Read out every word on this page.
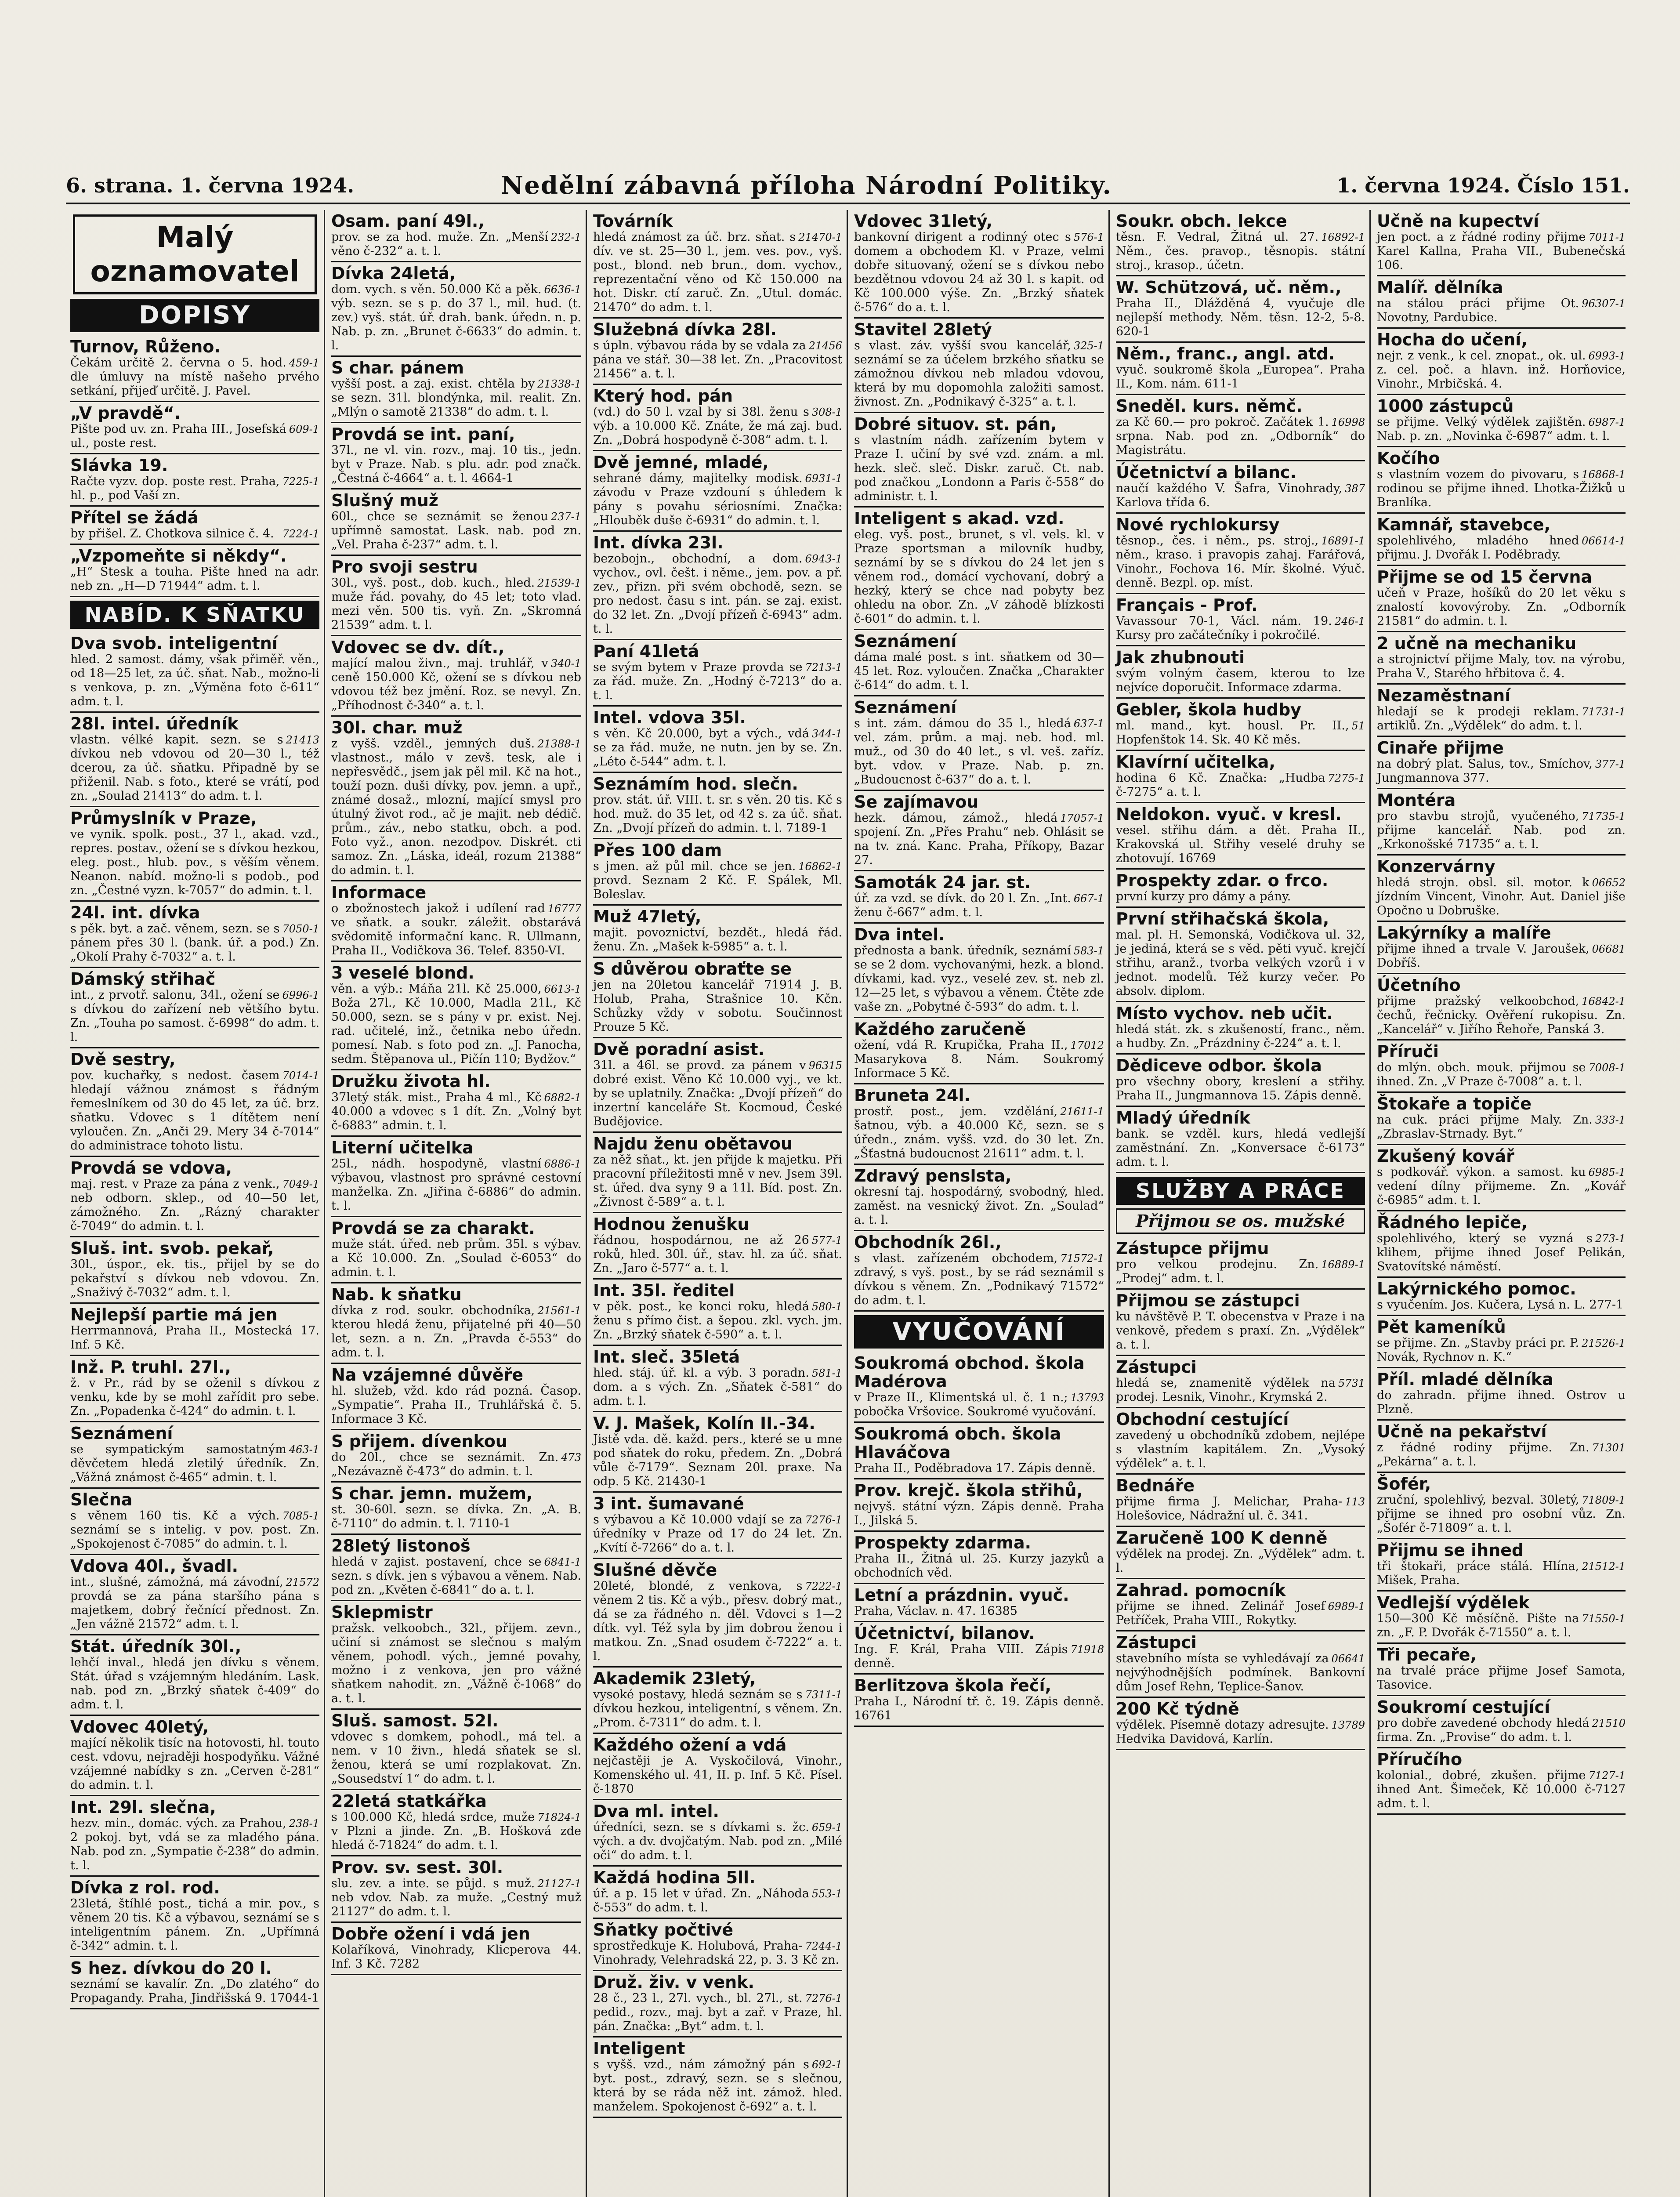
6. strana. 1. června 1924.	Nedělní zábavná příloha Národní Politiky.	1. června 1924. Číslo 151.
Malý oznamovatel
DOPISY
Turnov, Růženo.
459-1
Čekám určitě 2. června o 5. hod. dle úmluvy na místě našeho prvého setkání, přijeď určitě. J. Pavel.
„V pravdě“.
609-1
Pište pod uv. zn. Praha III., Josefská ul., poste rest.
Slávka 19.
7225-1
Račte vyzv. dop. poste rest. Praha, hl. p., pod Vaší zn.
Přítel se žádá
7224-1
by přišel. Z. Chotkova silnice č. 4.
„Vzpomeňte si někdy“.
„H“ Stesk a touha. Pište hned na adr. neb zn. „H—D 71944“ adm. t. l.
NABÍD. K SŇATKU
Dva svob. inteligentní
hled. 2 samost. dámy, však přiměř. věn., od 18—25 let, za úč. sňat. Nab., možno-li s venkova, p. zn. „Výměna foto č-611“ adm. t. l.
28l. intel. úředník
21413
vlastn. vélké kapit. sezn. se s dívkou neb vdovou od 20—30 l., též dcerou, za úč. sňatku. Připadně by se přiženil. Nab. s foto., které se vrátí, pod zn. „Soulad 21413“ do adm. t. l.
Průmyslník v Praze,
ve vynik. spolk. post., 37 l., akad. vzd., repres. postav., ožení se s dívkou hezkou, eleg. post., hlub. pov., s věším věnem. Neanon. nabíd. možno-li s podob., pod zn. „Čestné vyzn. k-7057“ do admin. t. l.
24l. int. dívka
7050-1
s pěk. byt. a zač. věnem, sezn. se s pánem přes 30 l. (bank. úř. a pod.) Zn. „Okolí Prahy č-7032“ a. t. l.
Dámský střihač
6996-1
int., z prvotř. salonu, 34l., ožení se s dívkou do zařízení neb většího bytu. Zn. „Touha po samost. č-6998“ do adm. t. l.
Dvě sestry,
7014-1
pov. kuchařky, s nedost. časem hledají vážnou známost s řádným řemeslníkem od 30 do 45 let, za úč. brz. sňatku. Vdovec s 1 dítětem není vyloučen. Zn. „Anči 29. Mery 34 č-7014“ do administrace tohoto listu.
Provdá se vdova,
7049-1
maj. rest. v Praze za pána z venk., neb odborn. sklep., od 40—50 let, zámožného. Zn. „Rázný charakter č-7049“ do admin. t. l.
Sluš. int. svob. pekař,
30l., úspor., ek. tis., přijel by se do pekařství s dívkou neb vdovou. Zn. „Snaživý č-7032“ adm. t. l.
Nejlepší partie má jen
Herrmannová, Praha II., Mostecká 17. Inf. 5 Kč.
Inž. P. truhl. 27l.,
ž. v Pr., rád by se oženil s dívkou z venku, kde by se mohl zařídit pro sebe. Zn. „Popadenka č-424“ do admin. t. l.
Seznámení
463-1
se sympatickým samostatným děvčetem hledá zletilý úředník. Zn. „Vážná známost č-465“ admin. t. l.
Slečna
7085-1
s věnem 160 tis. Kč a vých. seznámí se s intelig. v pov. post. Zn. „Spokojenost č-7085“ do admin. t. l.
Vdova 40l., švadl.
21572
int., slušné, zámožná, má závodní, provdá se za pána staršího pána s majetkem, dobrý řečnící přednost. Zn. „Jen vážně 21572“ adm. t. l.
Stát. úředník 30l.,
lehčí inval., hledá jen dívku s věnem. Stát. úřad s vzájemným hledáním. Lask. nab. pod zn. „Brzký sňatek č-409“ do adm. t. l.
Vdovec 40letý,
mající několik tisíc na hotovosti, hl. touto cest. vdovu, nejraději hospodyňku. Vážné vzájemné nabídky s zn. „Cerven č-281“ do admin. t. l.
Int. 29l. slečna,
238-1
hezv. min., domác. vých. za Prahou, 2 pokoj. byt, vdá se za mladého pána. Nab. pod zn. „Sympatie č-238“ do admin. t. l.
Dívka z rol. rod.
23letá, štíhlé post., tichá a mir. pov., s věnem 20 tis. Kč a výbavou, seznámí se s inteligentním pánem. Zn. „Upřímná č-342“ admin. t. l.
S hez. dívkou do 20 l.
seznámí se kavalír. Zn. „Do zlatého“ do Propagandy. Praha, Jindřišská 9. 17044-1
Osam. paní 49l.,
232-1
prov. se za hod. muže. Zn. „Menší věno č-232“ a. t. l.
Dívka 24letá,
6636-1
dom. vych. s věn. 50.000 Kč a pěk. výb. sezn. se s p. do 37 l., mil. hud. (t. zev.) vyš. stát. úř. drah. bank. úředn. n. p. Nab. p. zn. „Brunet č-6633“ do admin. t. l.
S char. pánem
21338-1
vyšší post. a zaj. exist. chtěla by se sezn. 31l. blondýnka, mil. realit. Zn. „Mlýn o samotě 21338“ do adm. t. l.
Provdá se int. paní,
37l., ne vl. vin. rozv., maj. 10 tis., jedn. byt v Praze. Nab. s plu. adr. pod značk. „Čestná č-4664“ a. t. l. 4664-1
Slušný muž
237-1
60l., chce se seznámit se ženou upřímně samostat. Lask. nab. pod zn. „Vel. Praha č-237“ adm. t. l.
Pro svoji sestru
21539-1
30l., vyš. post., dob. kuch., hled. muže řád. povahy, do 45 let; toto vlad. mezi věn. 500 tis. vyň. Zn. „Skromná 21539“ adm. t. l.
Vdovec se dv. dít.,
340-1
mající malou živn., maj. truhlář, v ceně 150.000 Kč, ožení se s dívkou neb vdovou též bez jmění. Roz. se nevyl. Zn. „Příhodnost č-340“ a. t. l.
30l. char. muž
21388-1
z vyšš. vzděl., jemných duš. vlastnost., málo v zevš. tesk, ale i nepřesvědč., jsem jak pěl mil. Kč na hot., touží pozn. duši dívky, pov. jemn. a upř., známé dosaž., mlozní, mající smysl pro útulný život rod., ač je majit. neb dédič. prům., záv., nebo statku, obch. a pod. Foto vyž., anon. nezodpov. Diskrét. cti samoz. Zn. „Láska, ideál, rozum 21388“ do admin. t. l.
Informace
16777
o zbožnostech jakož i udílení rad ve sňatk. a soukr. záležit. obstarává svědomitě informační kanc. R. Ullmann, Praha II., Vodičkova 36. Telef. 8350-VI.
3 veselé blond.
6613-1
věn. a výb.: Máňa 21l. Kč 25.000, Boža 27l., Kč 10.000, Madla 21l., Kč 50.000, sezn. se s pány v pr. exist. Nej. rad. učitelé, inž., četnika nebo úředn. pomesí. Nab. s foto pod zn. „J. Panocha, sedm. Štěpanova ul., Pičín 110; Bydžov.“
Družku života hl.
6882-1
37letý sták. mist., Praha 4 ml., Kč 40.000 a vdovec s 1 dít. Zn. „Volný byt č-6883“ admin. t. l.
Literní učitelka
6886-1
25l., nádh. hospodyně, vlastní výbavou, vlastnost pro správné cestovní manželka. Zn. „Jiřina č-6886“ do admin. t. l.
Provdá se za charakt.
muže stát. úřed. neb prům. 35l. s výbav. a Kč 10.000. Zn. „Soulad č-6053“ do admin. t. l.
Nab. k sňatku
21561-1
dívka z rod. soukr. obchodníka, kterou hledá ženu, přijatelné při 40—50 let, sezn. a n. Zn. „Pravda č-553“ do adm. t. l.
Na vzájemné důvěře
hl. služeb, vžd. kdo rád pozná. Časop. „Sympatie“. Praha II., Truhlářská č. 5. Informace 3 Kč.
S přijem. dívenkou
473
do 20l., chce se seznámit. Zn. „Nezávazně č-473“ do admin. t. l.
S char. jemn. mužem,
st. 30-60l. sezn. se dívka. Zn. „A. B. č-7110“ do admin. t. l. 7110-1
28letý listonoš
6841-1
hledá v zajist. postavení, chce se sezn. s dívk. jen s výbavou a věnem. Nab. pod zn. „Květen č-6841“ do a. t. l.
Sklepmistr
pražsk. velkoobch., 32l., přijem. zevn., učiní si známost se slečnou s malým věnem, pohodl. vých., jemné povahy, možno i z venkova, jen pro vážné sňatkem nahodit. zn. „Vážně č-1068“ do a. t. l.
Sluš. samost. 52l.
vdovec s domkem, pohodl., má tel. a nem. v 10 živn., hledá sňatek se sl. ženou, která se umí rozplakovat. Zn. „Sousedství 1“ do adm. t. l.
22letá statkářka
71824-1
s 100.000 Kč, hledá srdce, muže v Plzni a jinde. Zn. „B. Hošková zde hledá č-71824“ do adm. t. l.
Prov. sv. sest. 30l.
21127-1
slu. zev. a inte. se půjd. s muž. neb vdov. Nab. za muže. „Cestný muž 21127“ do adm. t. l.
Dobře ožení i vdá jen
Kolaříková, Vinohrady, Klicperova 44. Inf. 3 Kč. 7282
Továrník
21470-1
hledá známost za úč. brz. sňat. s dív. ve st. 25—30 l., jem. ves. pov., vyš. post., blond. neb brun., dom. vychov., reprezentační věno od Kč 150.000 na hot. Diskr. ctí zaruč. Zn. „Utul. domác. 21470“ do adm. t. l.
Služebná dívka 28l.
21456
s úpln. výbavou ráda by se vdala za pána ve stář. 30—38 let. Zn. „Pracovitost 21456“ a. t. l.
Který hod. pán
308-1
(vd.) do 50 l. vzal by si 38l. ženu s výb. a 10.000 Kč. Znáte, že má zaj. bud. Zn. „Dobrá hospodyně č-308“ adm. t. l.
Dvě jemné, mladé,
6931-1
sehrané dámy, majitelky modisk. závodu v Praze vzdouní s úhledem k pány s povahu sériosními. Značka: „Hlouběk duše č-6931“ do admin. t. l.
Int. dívka 23l.
6943-1
bezobojn., obchodní, a dom. vychov., ovl. češt. i něme., jem. pov. a př. zev., přizn. při svém obchodě, sezn. se pro nedost. času s int. pán. se zaj. exist. do 32 let. Zn. „Dvojí přízeň č-6943“ adm. t. l.
Paní 41letá
7213-1
se svým bytem v Praze provda se za řád. muže. Zn. „Hodný č-7213“ do a. t. l.
Intel. vdova 35l.
344-1
s věn. Kč 20.000, byt a vých., vdá se za řád. muže, ne nutn. jen by se. Zn. „Léto č-544“ adm. t. l.
Seznámím hod. slečn.
prov. stát. úř. VIII. t. sr. s věn. 20 tis. Kč s hod. muž. do 35 let, od 42 s. za úč. sňat. Zn. „Dvojí přízeň do admin. t. l. 7189-1
Přes 100 dam
16862-1
s jmen. až půl mil. chce se jen. provd. Seznam 2 Kč. F. Spálek, Ml. Boleslav.
Muž 47letý,
majit. povoznictví, bezdět., hledá řád. ženu. Zn. „Mašek k-5985“ a. t. l.
S důvěrou obraťte se
jen na 20letou kancelář 71914 J. B. Holub, Praha, Strašnice 10. Kčn. Schůzky vždy v sobotu. Součinnost Prouze 5 Kč.
Dvě poradní asist.
96315
31l. a 46l. se provd. za pánem v dobré exist. Věno Kč 10.000 vyj., ve kt. by se uplatnily. Značka: „Dvojí přízeň“ do inzertní kanceláře St. Kocmoud, České Budějovice.
Najdu ženu obětavou
za něž sňat., kt. jen přijde k majetku. Při pracovní příležitosti mně v nev. Jsem 39l. st. úřed. dva syny 9 a 11l. Bíd. post. Zn. „Živnost č-589“ a. t. l.
Hodnou ženušku
577-1
řádnou, hospodárnou, ne až 26 roků, hled. 30l. úř., stav. hl. za úč. sňat. Zn. „Jaro č-577“ a. t. l.
Int. 35l. ředitel
580-1
v pěk. post., ke konci roku, hledá ženu s přímo čist. a šepou. zkl. vych. jm. Zn. „Brzký sňatek č-590“ a. t. l.
Int. sleč. 35letá
581-1
hled. stáj. úř. kl. a výb. 3 poradn. dom. a s vých. Zn. „Sňatek č-581“ do adm. t. l.
V. J. Mašek, Kolín II.-34.
Jistě vda. dě. každ. pers., které se u mne pod sňatek do roku, předem. Zn. „Dobrá vůle č-7179“. Seznam 20l. praxe. Na odp. 5 Kč. 21430-1
3 int. šumavané
7276-1
s výbavou a Kč 10.000 vdají se za úředníky v Praze od 17 do 24 let. Zn. „Kvítí č-7266“ do a. t. l.
Slušné děvče
7222-1
20leté, blondé, z venkova, s věnem 2 tis. Kč a výb., přesv. dobrý mat., dá se za řádného n. děl. Vdovci s 1—2 dítk. vyl. Též syla by jim dobrou ženou i matkou. Zn. „Snad osudem č-7222“ a. t. l.
Akademik 23letý,
7311-1
vysoké postavy, hledá seznám se s dívkou hezkou, inteligentní, s věnem. Zn. „Prom. č-7311“ do adm. t. l.
Každého ožení a vdá
nejčastěji je A. Vyskočilová, Vinohr., Komenského ul. 41, II. p. Inf. 5 Kč. Písel. č-1870
Dva ml. intel.
659-1
úředníci, sezn. se s dívkami s. žc. vých. a dv. dvojčatým. Nab. pod zn. „Milé oči“ do adm. t. l.
Každá hodina 5ll.
553-1
úř. a p. 15 let v úřad. Zn. „Náhoda č-553“ do adm. t. l.
Sňatky počtivé
7244-1
sprostředkuje K. Holubová, Praha-Vinohrady, Velehradská 22, p. 3. 3 Kč zn.
Druž. živ. v venk.
7276-1
28 č., 23 l., 27l. vych., bl. 27l., st. pedid., rozv., maj. byt a zař. v Praze, hl. pán. Značka: „Byt“ adm. t. l.
Inteligent
692-1
s vyšš. vzd., nám zámožný pán s byt. post., zdravý, sezn. se s slečnou, která by se ráda něž int. zámož. hled. manželem. Spokojenost č-692“ a. t. l.
Vdovec 31letý,
576-1
bankovní dirigent a rodinný otec s domem a obchodem Kl. v Praze, velmi dobře situovaný, ožení se s dívkou nebo bezdětnou vdovou 24 až 30 l. s kapit. od Kč 100.000 výše. Zn. „Brzký sňatek č-576“ do a. t. l.
Stavitel 28letý
325-1
s vlast. záv. vyšší svou kancelář, seznámí se za účelem brzkého sňatku se zámožnou dívkou neb mladou vdovou, která by mu dopomohla založiti samost. živnost. Zn. „Podnikavý č-325“ a. t. l.
Dobré situov. st. pán,
s vlastním nádh. zařízením bytem v Praze I. učiní by své vzd. znám. a ml. hezk. sleč. sleč. Diskr. zaruč. Ct. nab. pod značkou „Londonn a Paris č-558“ do administr. t. l.
Inteligent s akad. vzd.
eleg. vyš. post., brunet, s vl. vels. kl. v Praze sportsman a milovník hudby, seznámí by se s dívkou do 24 let jen s věnem rod., domácí vychovaní, dobrý a hezký, který se chce nad pobyty bez ohledu na obor. Zn. „V záhodě blízkosti č-601“ do admin. t. l.
Seznámení
dáma malé post. s int. sňatkem od 30—45 let. Roz. vyloučen. Značka „Charakter č-614“ do adm. t. l.
Seznámení
637-1
s int. zám. dámou do 35 l., hledá vel. zám. prům. a maj. neb. hod. ml. muž., od 30 do 40 let., s vl. veš. zaříz. byt. vdov. v Praze. Nab. p. zn. „Budoucnost č-637“ do a. t. l.
Se zajímavou
17057-1
hezk. dámou, zámož., hledá spojení. Zn. „Přes Prahu“ neb. Ohlásit se na tv. zná. Kanc. Praha, Příkopy, Bazar 27.
Samoták 24 jar. st.
667-1
úř. za vzd. se dívk. do 20 l. Zn. „Int. ženu č-667“ adm. t. l.
Dva intel.
583-1
přednosta a bank. úředník, seznámí se se 2 dom. vychovanými, hezk. a blond. dívkami, kad. vyz., veselé zev. st. neb zl. 12—25 let, s výbavou a věnem. Čtěte zde vaše zn. „Pobytné č-593“ do adm. t. l.
Každého zaručeně
17012
ožení, vdá R. Krupička, Praha II., Masarykova 8. Nám. Soukromý Informace 5 Kč.
Bruneta 24l.
21611-1
prostř. post., jem. vzdělání, šatnou, výb. a 40.000 Kč, sezn. se s úředn., znám. vyšš. vzd. do 30 let. Zn. „Šťastná budoucnost 21611“ adm. t. l.
Zdravý penslsta,
okresní taj. hospodárný, svobodný, hled. zaměst. na vesnický život. Zn. „Soulad“ a. t. l.
Obchodník 26l.,
71572-1
s vlast. zařízeném obchodem, zdravý, s vyš. post., by se rád seznámil s dívkou s věnem. Zn. „Podnikavý 71572“ do adm. t. l.
VYUČOVÁNÍ
Soukromá obchod. škola Madérova
13793
v Praze II., Klimentská ul. č. 1 n.; pobočka Vršovice. Soukromé vyučování.
Soukromá obch. škola Hlaváčova
Praha II., Poděbradova 17. Zápis denně.
Prov. krejč. škola střihů,
nejvyš. státní význ. Zápis denně. Praha I., Jilská 5.
Prospekty zdarma.
Praha II., Žitná ul. 25. Kurzy jazyků a obchodních věd.
Letní a prázdnin. vyuč.
Praha, Václav. n. 47. 16385
Účetnictví, bilanov.
71918
Ing. F. Král, Praha VIII. Zápis denně.
Berlitzova škola řečí,
Praha I., Národní tř. č. 19. Zápis denně. 16761
Soukr. obch. lekce
16892-1
těsn. F. Vedral, Žitná ul. 27. Něm., čes. pravop., těsnopis. státní stroj., krasop., účetn.
W. Schützová, uč. něm.,
Praha II., Dlážděná 4, vyučuje dle nejlepší methody. Něm. těsn. 12-2, 5-8. 620-1
Něm., franc., angl. atd.
vyuč. soukromě škola „Europea“. Praha II., Kom. nám. 611-1
Sneděl. kurs. němč.
16998
za Kč 60.— pro pokroč. Začátek 1. srpna. Nab. pod zn. „Odborník“ do Magistrátu.
Účetnictví a bilanc.
387
naučí každého V. Šafra, Vinohrady, Karlova třída 6.
Nové rychlokursy
16891-1
těsnop., čes. i něm., ps. stroj., něm., kraso. i pravopis zahaj. Farářová, Vinohr., Fochova 16. Mír. školné. Výuč. denně. Bezpl. op. míst.
Français - Prof.
246-1
Vavassour 70-1, Václ. nám. 19. Kursy pro začátečníky i pokročilé.
Jak zhubnouti
svým volným časem, kterou to lze nejvíce doporučit. Informace zdarma.
Gebler, škola hudby
51
ml. mand., kyt. housl. Pr. II., Hopfenštok 14. Sk. 40 Kč měs.
Klavírní učitelka,
7275-1
hodina 6 Kč. Značka: „Hudba č-7275“ a. t. l.
Neldokon. vyuč. v kresl.
vesel. střihu dám. a dět. Praha II., Krakovská ul. Střihy veselé druhy se zhotovují. 16769
Prospekty zdar. o frco.
první kurzy pro dámy a pány.
První střihačská škola,
mal. pl. H. Semonská, Vodičkova ul. 32, je jediná, která se s věd. pěti vyuč. krejčí střihu, aranž., tvorba velkých vzorů i v jednot. modelů. Též kurzy večer. Po absolv. diplom.
Místo vychov. neb učit.
hledá stát. zk. s zkušeností, franc., něm. a hudby. Zn. „Prázdniny č-224“ a. t. l.
Dědiceve odbor. škola
pro všechny obory, kreslení a střihy. Praha II., Jungmannova 15. Zápis denně.
Mladý úředník
bank. se vzděl. kurs, hledá vedlejší zaměstnání. Zn. „Konversace č-6173“ adm. t. l.
SLUŽBY A PRÁCE
Přijmou se os. mužské
Zástupce přijmu
16889-1
pro velkou prodejnu. Zn. „Prodej“ adm. t. l.
Přijmou se zástupci
ku návštěvě P. T. obecenstva v Praze i na venkově, předem s praxí. Zn. „Výdělek“ a. t. l.
Zástupci
5731
hledá se, znamenitě výdělek na prodej. Lesnik, Vinohr., Krymská 2.
Obchodní cestující
zavedený u obchodníků zdobem, nejlépe s vlastním kapitálem. Zn. „Vysoký výdělek“ a. t. l.
Bednáře
113
přijme firma J. Melichar, Praha-Holešovice, Nádražní ul. č. 341.
Zaručeně 100 K denně
výdělek na prodej. Zn. „Výdělek“ adm. t. l.
Zahrad. pomocník
6989-1
přijme se ihned. Zelinář Josef Petříček, Praha VIII., Rokytky.
Zástupci
06641
stavebního místa se vyhledávají za nejvýhodnějších podmínek. Bankovní dům Josef Rehn, Teplice-Šanov.
200 Kč týdně
13789
výdělek. Písemně dotazy adresujte. Hedvika Davidová, Karlín.
Učně na kupectví
7011-1
jen poct. a z řádné rodiny přijme Karel Kallna, Praha VII., Bubenečská 106.
Malíř. dělníka
96307-1
na stálou práci přijme Ot. Novotny, Pardubice.
Hocha do učení,
6993-1
nejr. z venk., k cel. znopat., ok. ul. z. cel. poč. a hlavn. inž. Horňovice, Vinohr., Mrbičská. 4.
1000 zástupců
6987-1
se přijme. Velký výdělek zajištěn. Nab. p. zn. „Novinka č-6987“ adm. t. l.
Kočího
16868-1
s vlastním vozem do pivovaru, s rodinou se přijme ihned. Lhotka-Žižků u Branlíka.
Kamnář, stavebce,
06614-1
spolehlivého, mladého hned přijmu. J. Dvořák I. Poděbrady.
Přijme se od 15 června
učeň v Praze, hošíků do 20 let věku s znalostí kovovýroby. Zn. „Odborník 21581“ do admin. t. l.
2 učně na mechaniku
a strojnictví přijme Maly, tov. na výrobu, Praha V., Starého hřbitova č. 4.
Nezaměstnaní
71731-1
hledají se k prodeji reklam. artiklů. Zn. „Výdělek“ do adm. t. l.
Cinaře přijme
377-1
na dobrý plat. Salus, tov., Smíchov, Jungmannova 377.
Montéra
71735-1
pro stavbu strojů, vyučeného, přijme kancelář. Nab. pod zn. „Krkonošské 71735“ a. t. l.
Konzervárny
06652
hledá strojn. obsl. sil. motor. k jízdním Vincent, Vinohr. Aut. Daniel jiše Opočno u Dobruške.
Lakýrníky a malíře
06681
přijme ihned a trvale V. Jaroušek, Dobříš.
Účetního
16842-1
přijme pražský velkoobchod, čechů, řečnicky. Ověření rukopisu. Zn. „Kancelář“ v. Jiřího Řehoře, Panská 3.
Příruči
7008-1
do mlýn. obch. mouk. přijmou se ihned. Zn. „V Praze č-7008“ a. t. l.
Štokaře a topiče
333-1
na cuk. práci přijme Maly. Zn. „Zbraslav-Strnady. Byt.“
Zkušený kovář
6985-1
s podkovář. výkon. a samost. ku vedení dílny přijmeme. Zn. „Kovář č-6985“ adm. t. l.
Řádného lepiče,
273-1
spolehlivého, který se vyzná s klihem, přijme ihned Josef Pelikán, Svatovítské náměstí.
Lakýrnického pomoc.
s vyučením. Jos. Kučera, Lysá n. L. 277-1
Pět kameníků
21526-1
se přijme. Zn. „Stavby práci pr. P. Novák, Rychnov n. K.“
Příl. mladé dělníka
do zahradn. přijme ihned. Ostrov u Plzně.
Učně na pekařství
71301
z řádné rodiny přijme. Zn. „Pekárna“ a. t. l.
Šofér,
71809-1
zruční, spolehlivý, bezval. 30letý, přijme se ihned pro osobní vůz. Zn. „Šofér č-71809“ a. t. l.
Přijmu se ihned
21512-1
tři štokaři, práce stálá. Hlína, Mišek, Praha.
Vedlejší výdělek
71550-1
150—300 Kč měsíčně. Pište na zn. „F. P. Dvořák č-71550“ a. t. l.
Tři pecaře,
na trvalé práce přijme Josef Samota, Tasovice.
Soukromí cestující
21510
pro dobře zavedené obchody hledá firma. Zn. „Provise“ do adm. t. l.
Příručího
7127-1
kolonial., dobré, zkušen. přijme ihned Ant. Šimeček, Kč 10.000 č-7127 adm. t. l.
